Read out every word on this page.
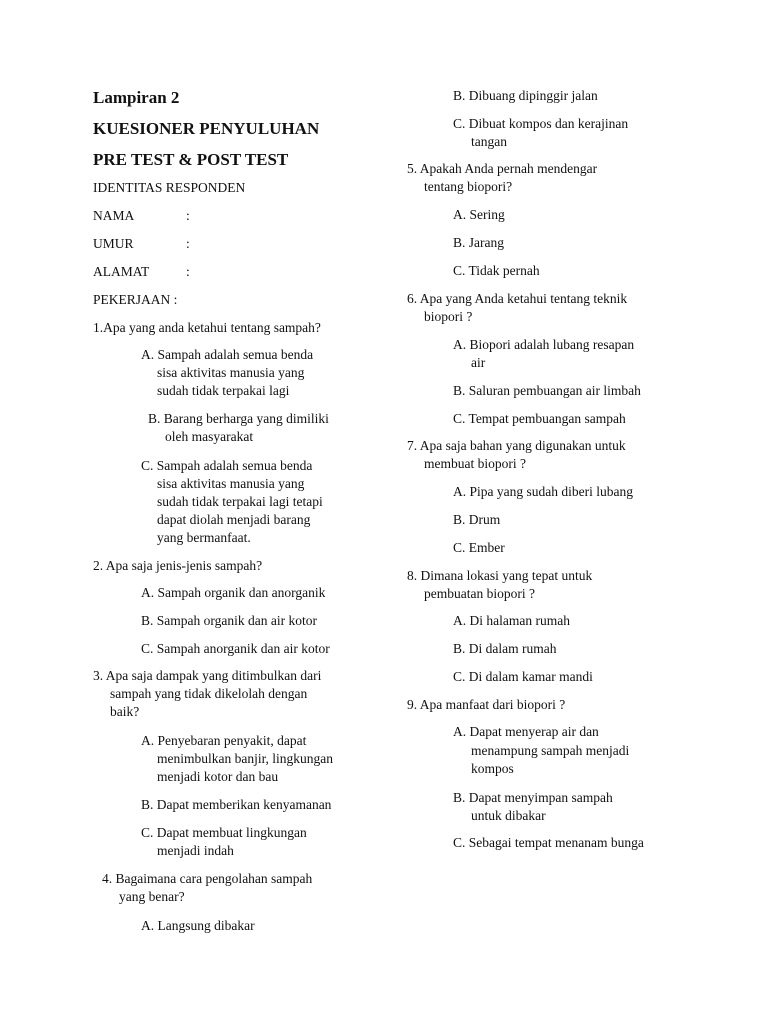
Lampiran 2
KUESIONER PENYULUHAN
PRE TEST & POST TEST
IDENTITAS RESPONDEN
NAMA	:
UMUR	:
ALAMAT	:
PEKERJAAN :
1.Apa yang anda ketahui tentang sampah?
A. Sampah adalah semua benda
sisa aktivitas manusia yang
sudah tidak terpakai lagi
B. Barang berharga yang dimiliki
oleh masyarakat
C. Sampah adalah semua benda
sisa aktivitas manusia yang
sudah tidak terpakai lagi tetapi
dapat diolah menjadi barang
yang bermanfaat.
2. Apa saja jenis-jenis sampah?
A. Sampah organik dan anorganik
B. Sampah organik dan air kotor
C. Sampah anorganik dan air kotor
3. Apa saja dampak yang ditimbulkan dari
sampah yang tidak dikelolah dengan
baik?
A. Penyebaran penyakit, dapat
menimbulkan banjir, lingkungan
menjadi kotor dan bau
B. Dapat memberikan kenyamanan
C. Dapat membuat lingkungan
menjadi indah
4. Bagaimana cara pengolahan sampah
yang benar?
A. Langsung dibakar
B. Dibuang dipinggir jalan
C. Dibuat kompos dan kerajinan
tangan
5. Apakah Anda pernah mendengar
tentang biopori?
A. Sering
B. Jarang
C. Tidak pernah
6. Apa yang Anda ketahui tentang teknik
biopori ?
A. Biopori adalah lubang resapan
air
B. Saluran pembuangan air limbah
C. Tempat pembuangan sampah
7. Apa saja bahan yang digunakan untuk
membuat biopori ?
A. Pipa yang sudah diberi lubang
B. Drum
C. Ember
8. Dimana lokasi yang tepat untuk
pembuatan biopori ?
A. Di halaman rumah
B. Di dalam rumah
C. Di dalam kamar mandi
9. Apa manfaat dari biopori ?
A. Dapat menyerap air dan
menampung sampah menjadi
kompos
B. Dapat menyimpan sampah
untuk dibakar
C. Sebagai tempat menanam bunga
